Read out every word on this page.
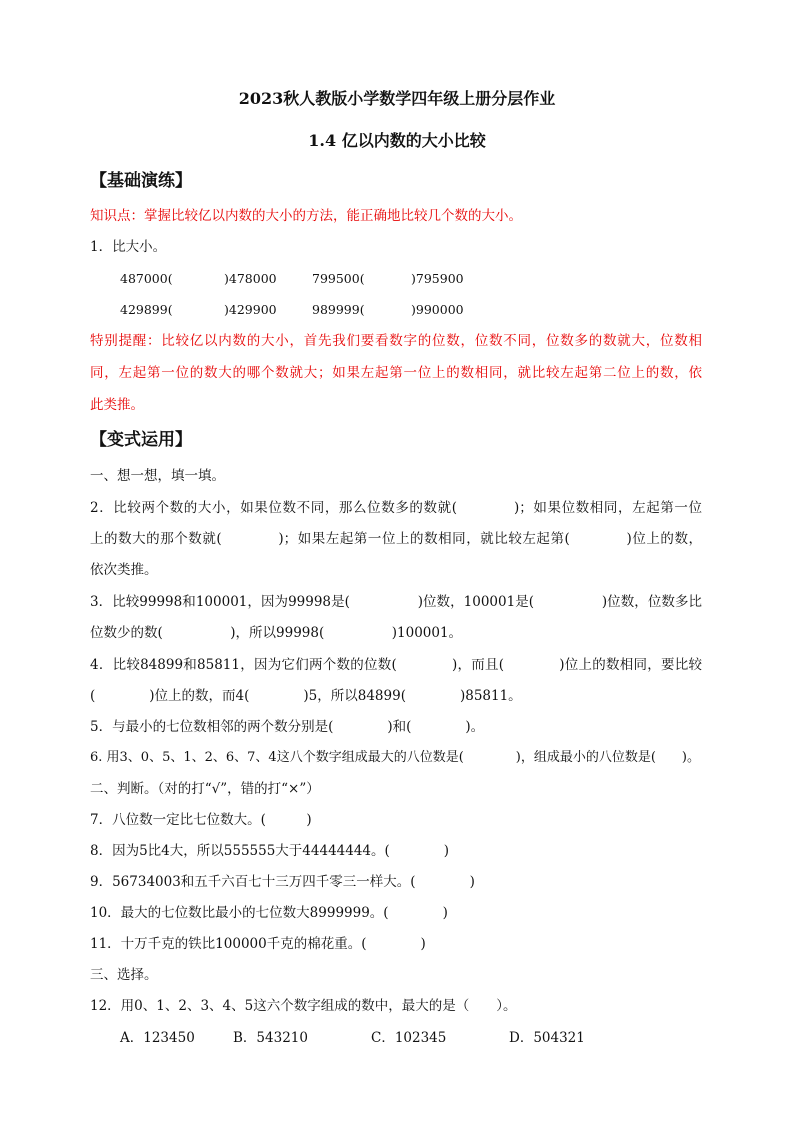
2023秋人教版小学数学四年级上册分层作业
1.4 亿以内数的大小比较
【基础演练】
知识点：掌握比较亿以内数的大小的方法，能正确地比较几个数的大小。
1．比大小。
487000(	)478000	799500(	)795900
429899(	)429900	989999(	)990000
特别提醒：比较亿以内数的大小，首先我们要看数字的位数，位数不同，位数多的数就大，位数相
同，左起第一位的数大的哪个数就大；如果左起第一位上的数相同，就比较左起第二位上的数，依
此类推。
【变式运用】
一、想一想，填一填。
2．比较两个数的大小，如果位数不同，那么位数多的数就(　　　　)；如果位数相同，左起第一位
上的数大的那个数就(　　　　)；如果左起第一位上的数相同，就比较左起第(　　　　)位上的数，
依次类推。
3．比较99998和100001，因为99998是(　　　　　)位数，100001是(　　　　　)位数，位数多比
位数少的数(　　　　　)，所以99998(　　　　　)100001。
4．比较84899和85811，因为它们两个数的位数(　　　　)，而且(　　　　)位上的数相同，要比较
(　　　　)位上的数，而4(　　　　)5，所以84899(　　　　)85811。
5．与最小的七位数相邻的两个数分别是(　　　　)和(　　　　)。
6. 用3、0、5、1、2、6、7、4这八个数字组成最大的八位数是(　　　　)，组成最小的八位数是(　　)。
二、判断。（对的打“√”，错的打“×”）
7．八位数一定比七位数大。(　　　)
8．因为5比4大，所以555555大于44444444。(　　　　)
9．56734003和五千六百七十三万四千零三一样大。(　　　　)
10．最大的七位数比最小的七位数大8999999。(　　　　)
11．十万千克的铁比100000千克的棉花重。(　　　　)
三、选择。
12．用0、1、2、3、4、5这六个数字组成的数中，最大的是（　　）。
A．123450	B．543210	C．102345	D．504321
